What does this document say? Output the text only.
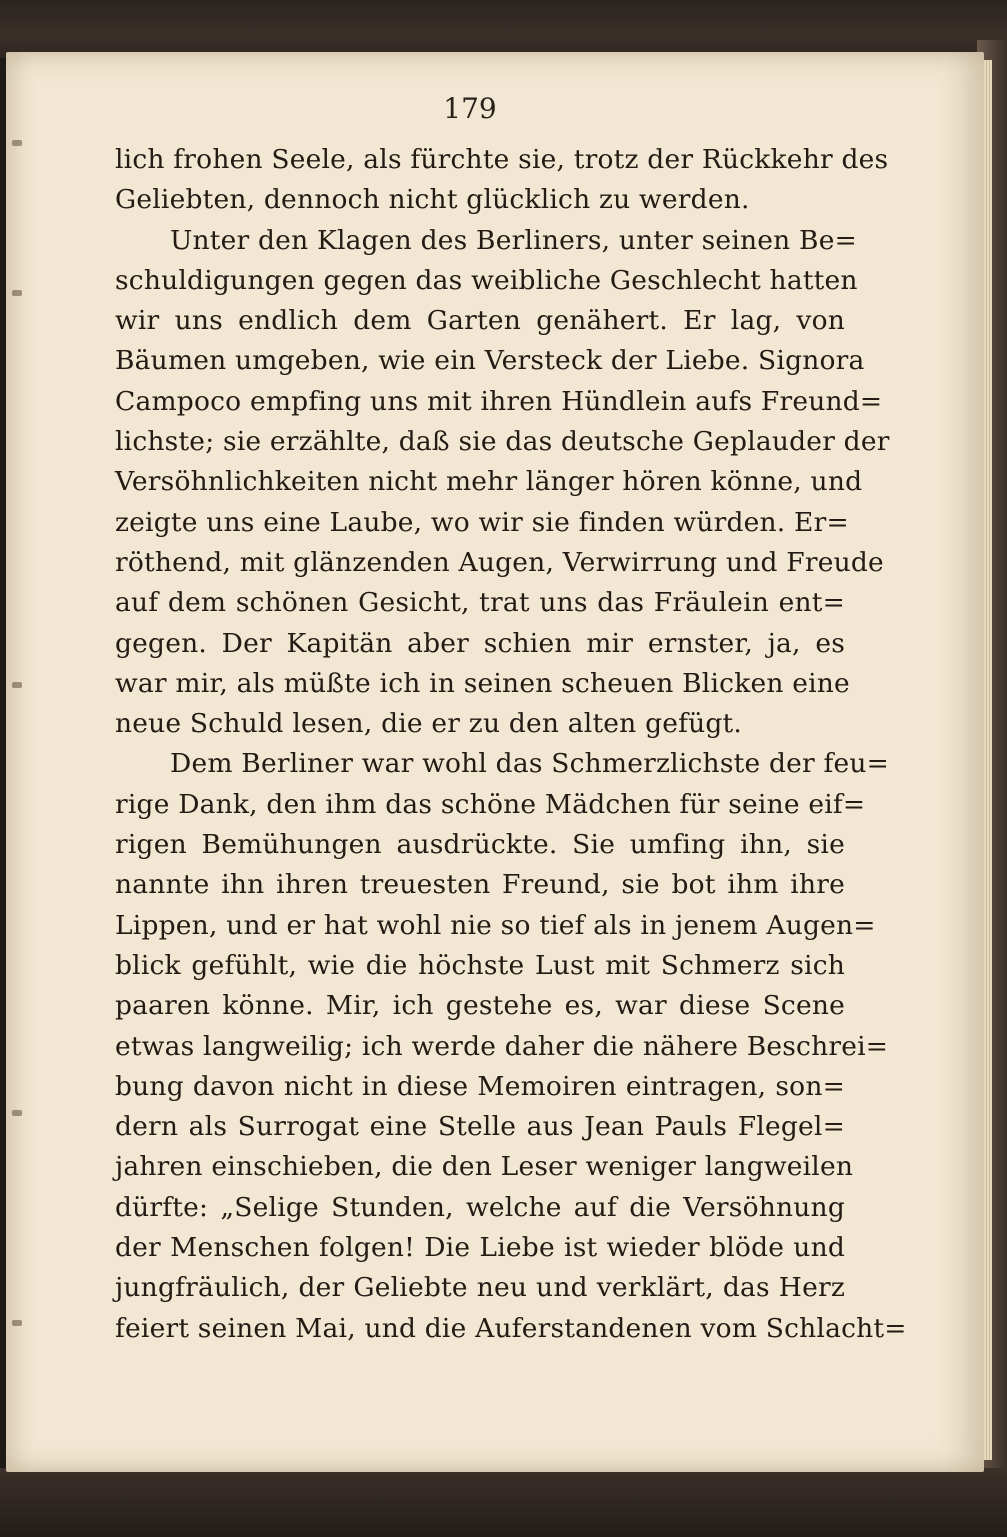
179
lich frohen Seele, als fürchte sie, trotz der Rückkehr des
Geliebten, dennoch nicht glücklich zu werden.
Unter den Klagen des Berliners, unter seinen Be=
schuldigungen gegen das weibliche Geschlecht hatten
wir uns endlich dem Garten genähert. Er lag, von
Bäumen umgeben, wie ein Versteck der Liebe. Signora
Campoco empfing uns mit ihren Hündlein aufs Freund=
lichste; sie erzählte, daß sie das deutsche Geplauder der
Versöhnlichkeiten nicht mehr länger hören könne, und
zeigte uns eine Laube, wo wir sie finden würden. Er=
röthend, mit glänzenden Augen, Verwirrung und Freude
auf dem schönen Gesicht, trat uns das Fräulein ent=
gegen. Der Kapitän aber schien mir ernster, ja, es
war mir, als müßte ich in seinen scheuen Blicken eine
neue Schuld lesen, die er zu den alten gefügt.
Dem Berliner war wohl das Schmerzlichste der feu=
rige Dank, den ihm das schöne Mädchen für seine eif=
rigen Bemühungen ausdrückte. Sie umfing ihn, sie
nannte ihn ihren treuesten Freund, sie bot ihm ihre
Lippen, und er hat wohl nie so tief als in jenem Augen=
blick gefühlt, wie die höchste Lust mit Schmerz sich
paaren könne. Mir, ich gestehe es, war diese Scene
etwas langweilig; ich werde daher die nähere Beschrei=
bung davon nicht in diese Memoiren eintragen, son=
dern als Surrogat eine Stelle aus Jean Pauls Flegel=
jahren einschieben, die den Leser weniger langweilen
dürfte: „Selige Stunden, welche auf die Versöhnung
der Menschen folgen! Die Liebe ist wieder blöde und
jungfräulich, der Geliebte neu und verklärt, das Herz
feiert seinen Mai, und die Auferstandenen vom Schlacht=
